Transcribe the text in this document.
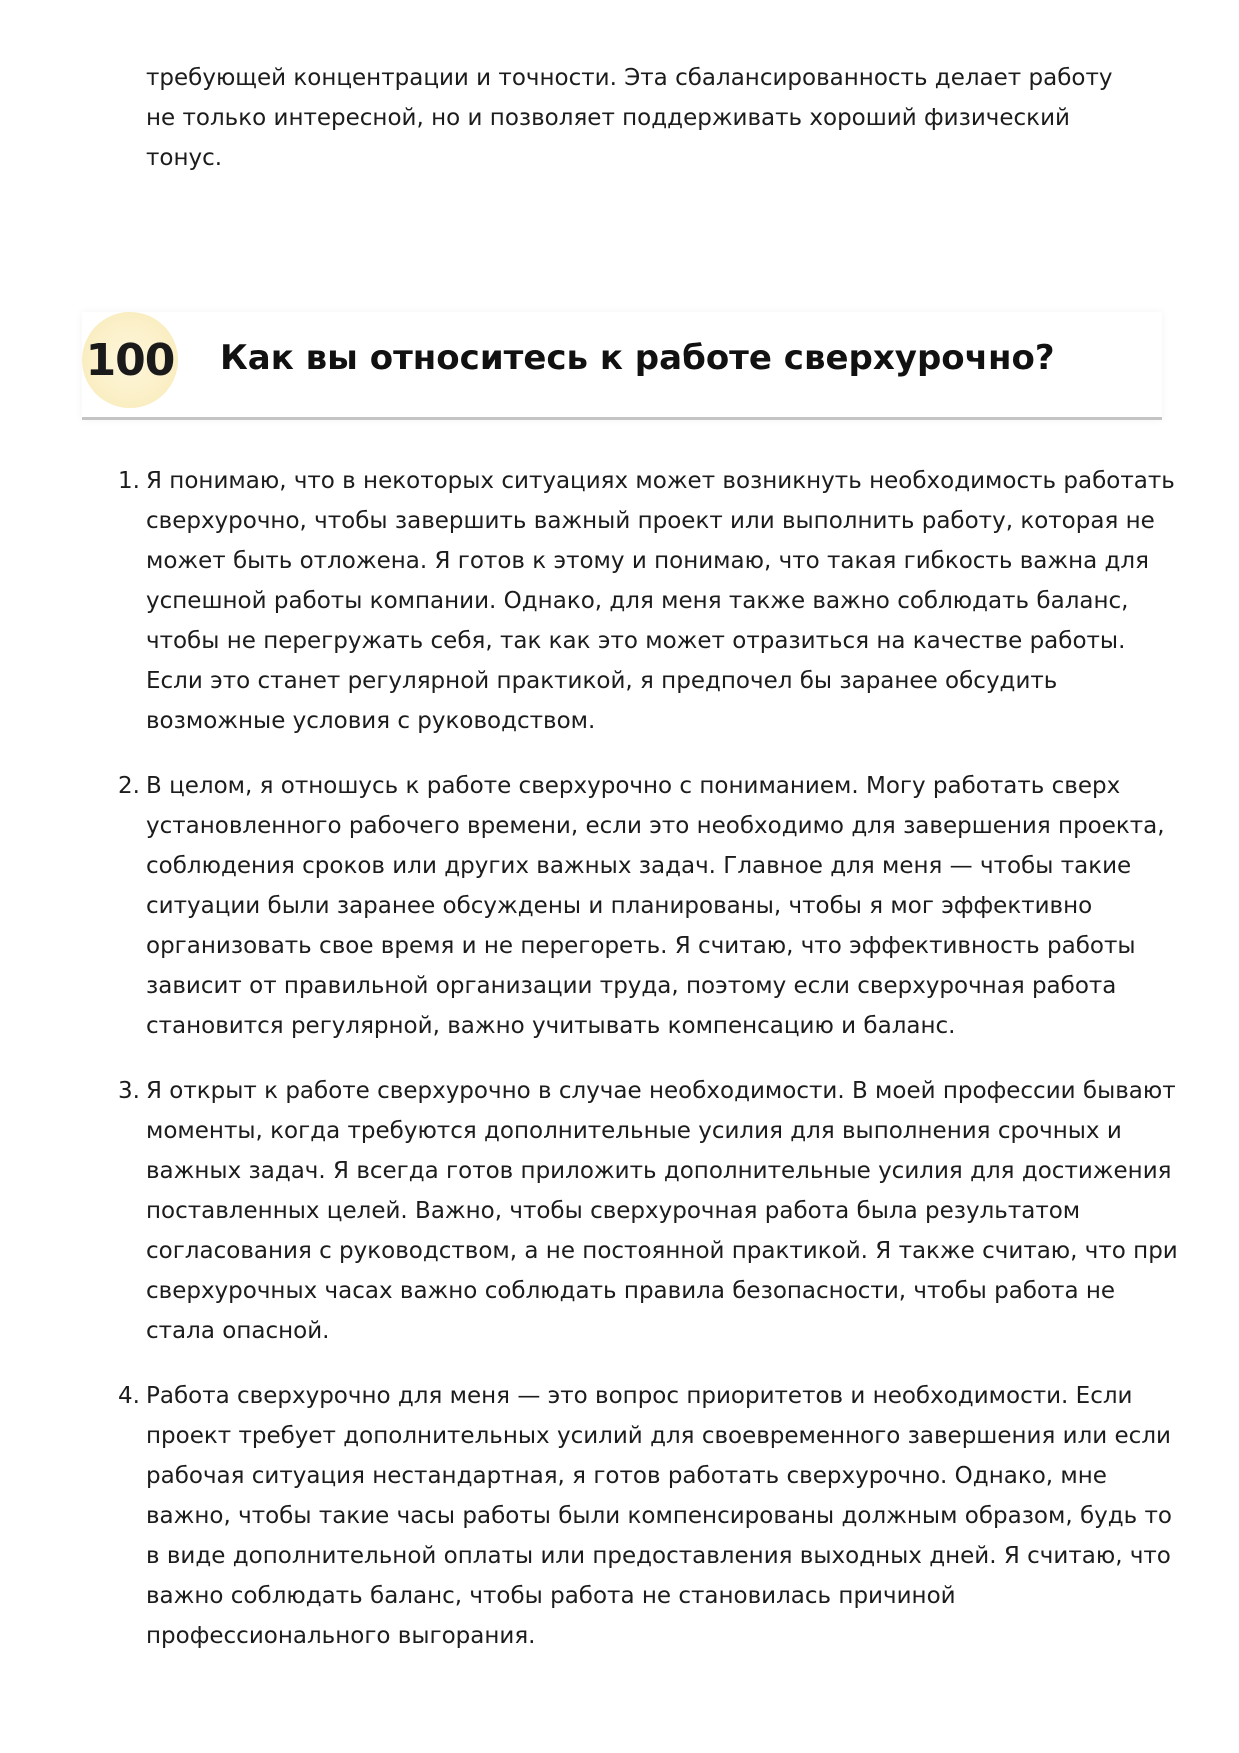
требующей концентрации и точности. Эта сбалансированность делает работу не только интересной, но и позволяет поддерживать хороший физический тонус.

100 Как вы относитесь к работе сверхурочно?
1. Я понимаю, что в некоторых ситуациях может возникнуть необходимость работать сверхурочно, чтобы завершить важный проект или выполнить работу, которая не может быть отложена. Я готов к этому и понимаю, что такая гибкость важна для успешной работы компании. Однако, для меня также важно соблюдать баланс, чтобы не перегружать себя, так как это может отразиться на качестве работы. Если это станет регулярной практикой, я предпочел бы заранее обсудить возможные условия с руководством.
2. В целом, я отношусь к работе сверхурочно с пониманием. Могу работать сверх установленного рабочего времени, если это необходимо для завершения проекта, соблюдения сроков или других важных задач. Главное для меня — чтобы такие ситуации были заранее обсуждены и планированы, чтобы я мог эффективно организовать свое время и не перегореть. Я считаю, что эффективность работы зависит от правильной организации труда, поэтому если сверхурочная работа становится регулярной, важно учитывать компенсацию и баланс.
3. Я открыт к работе сверхурочно в случае необходимости. В моей профессии бывают моменты, когда требуются дополнительные усилия для выполнения срочных и важных задач. Я всегда готов приложить дополнительные усилия для достижения поставленных целей. Важно, чтобы сверхурочная работа была результатом согласования с руководством, а не постоянной практикой. Я также считаю, что при сверхурочных часах важно соблюдать правила безопасности, чтобы работа не стала опасной.
4. Работа сверхурочно для меня — это вопрос приоритетов и необходимости. Если проект требует дополнительных усилий для своевременного завершения или если рабочая ситуация нестандартная, я готов работать сверхурочно. Однако, мне важно, чтобы такие часы работы были компенсированы должным образом, будь то в виде дополнительной оплаты или предоставления выходных дней. Я считаю, что важно соблюдать баланс, чтобы работа не становилась причиной профессионального выгорания.
